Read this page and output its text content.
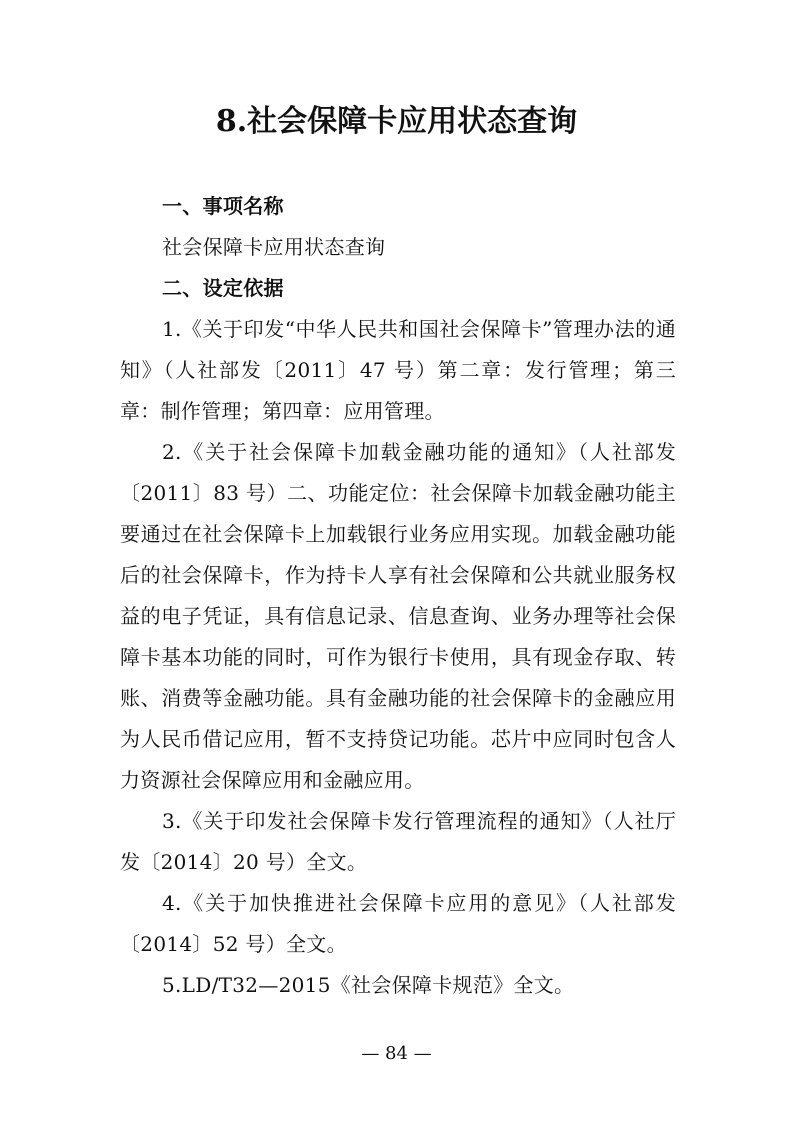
8.社会保障卡应用状态查询

一、事项名称

社会保障卡应用状态查询

二、设定依据

1.《关于印发“中华人民共和国社会保障卡”管理办法的通知》（人社部发〔2011〕47 号）第二章：发行管理；第三章：制作管理；第四章：应用管理。

2.《关于社会保障卡加载金融功能的通知》（人社部发〔2011〕83 号）二、功能定位：社会保障卡加载金融功能主要通过在社会保障卡上加载银行业务应用实现。加载金融功能后的社会保障卡，作为持卡人享有社会保障和公共就业服务权益的电子凭证，具有信息记录、信息查询、业务办理等社会保障卡基本功能的同时，可作为银行卡使用，具有现金存取、转账、消费等金融功能。具有金融功能的社会保障卡的金融应用为人民币借记应用，暂不支持贷记功能。芯片中应同时包含人力资源社会保障应用和金融应用。

3.《关于印发社会保障卡发行管理流程的通知》（人社厅发〔2014〕20 号）全文。

4.《关于加快推进社会保障卡应用的意见》（人社部发〔2014〕52 号）全文。

5.LD/T32—2015《社会保障卡规范》全文。

— 84 —
